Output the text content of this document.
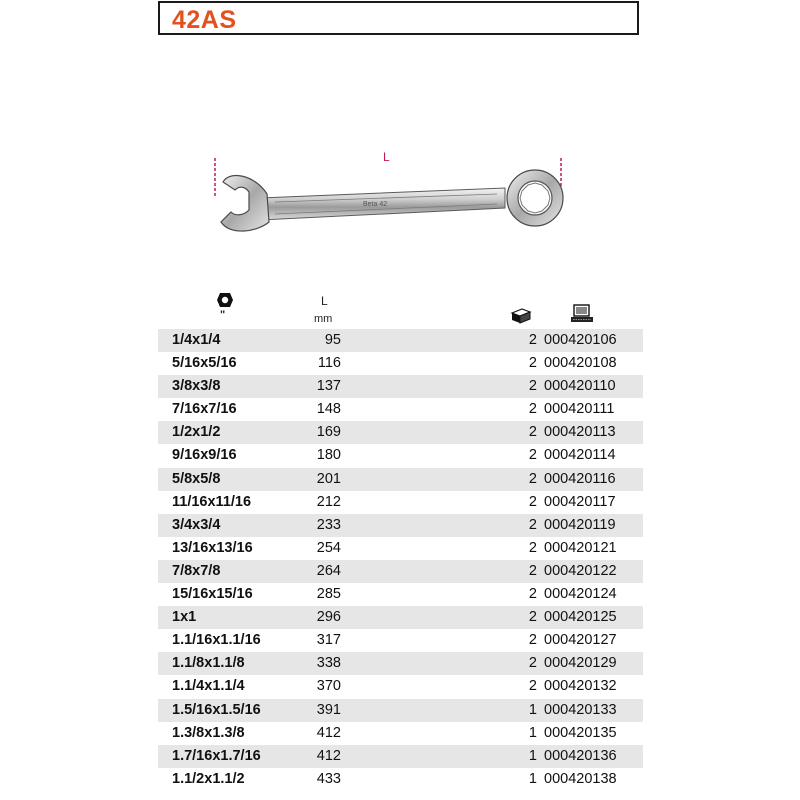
42AS
L
Beta 42
"
L
mm
1/4x1/4	95	2 000420106
5/16x5/16	116	2 000420108
3/8x3/8	137	2 000420110
7/16x7/16	148	2 000420111
1/2x1/2	169	2 000420113
9/16x9/16	180	2 000420114
5/8x5/8	201	2 000420116
11/16x11/16	212	2 000420117
3/4x3/4	233	2 000420119
13/16x13/16	254	2 000420121
7/8x7/8	264	2 000420122
15/16x15/16	285	2 000420124
1x1	296	2 000420125
1.1/16x1.1/16	317	2 000420127
1.1/8x1.1/8	338	2 000420129
1.1/4x1.1/4	370	2 000420132
1.5/16x1.5/16	391	1 000420133
1.3/8x1.3/8	412	1 000420135
1.7/16x1.7/16	412	1 000420136
1.1/2x1.1/2	433	1 000420138
